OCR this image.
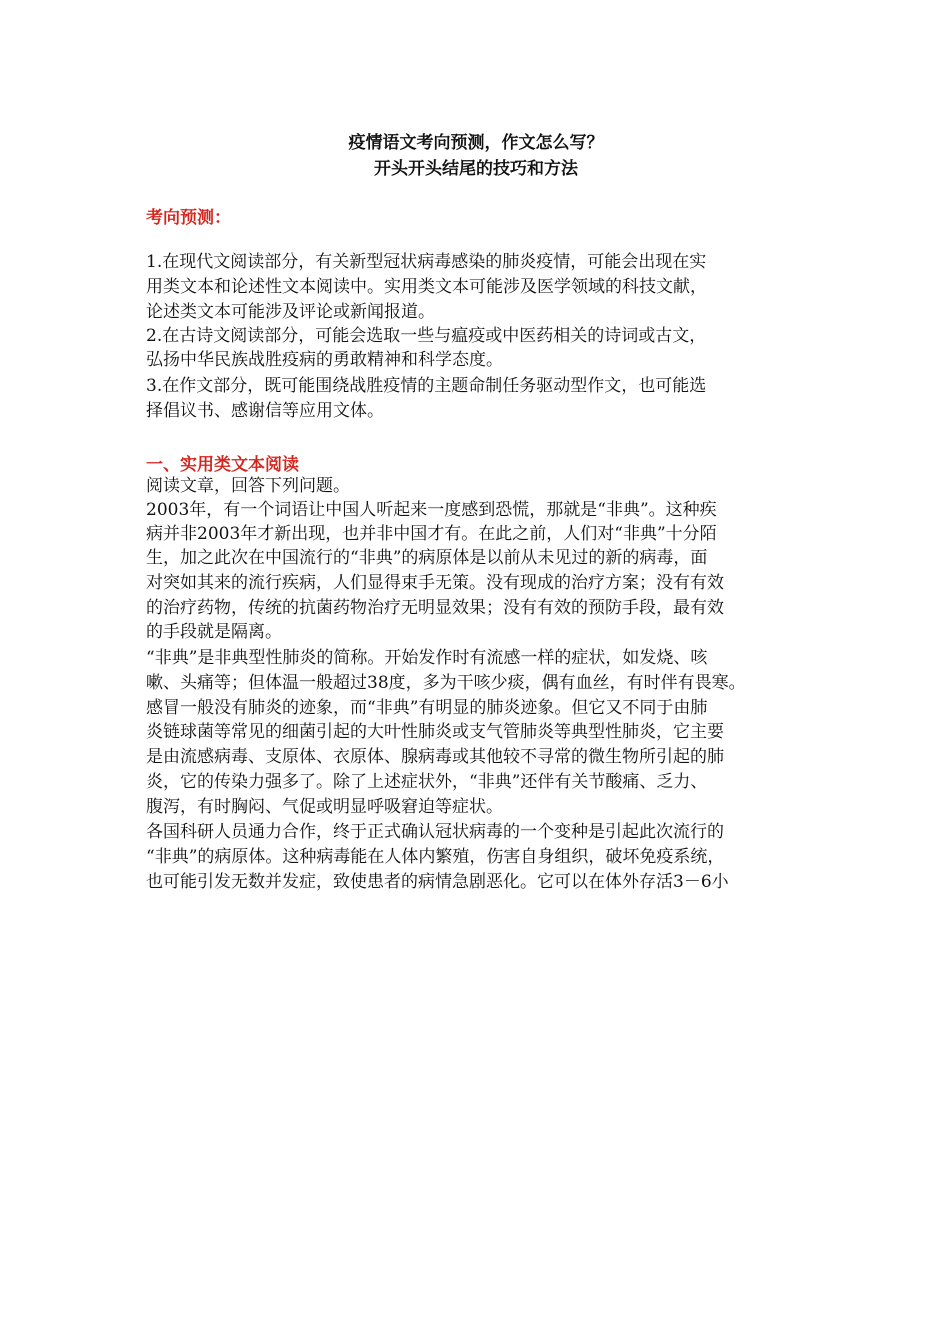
疫情语文考向预测，作文怎么写？
开头开头结尾的技巧和方法
考向预测：
1.在现代文阅读部分，有关新型冠状病毒感染的肺炎疫情，可能会出现在实
用类文本和论述性文本阅读中。实用类文本可能涉及医学领域的科技文献，
论述类文本可能涉及评论或新闻报道。
2.在古诗文阅读部分，可能会选取一些与瘟疫或中医药相关的诗词或古文，
弘扬中华民族战胜疫病的勇敢精神和科学态度。
3.在作文部分，既可能围绕战胜疫情的主题命制任务驱动型作文，也可能选
择倡议书、感谢信等应用文体。
一、实用类文本阅读
阅读文章，回答下列问题。
2003年，有一个词语让中国人听起来一度感到恐慌，那就是“非典”。这种疾
病并非2003年才新出现，也并非中国才有。在此之前，人们对“非典”十分陌
生，加之此次在中国流行的“非典”的病原体是以前从未见过的新的病毒，面
对突如其来的流行疾病，人们显得束手无策。没有现成的治疗方案；没有有效
的治疗药物，传统的抗菌药物治疗无明显效果；没有有效的预防手段，最有效
的手段就是隔离。
“非典”是非典型性肺炎的简称。开始发作时有流感一样的症状，如发烧、咳
嗽、头痛等；但体温一般超过38度，多为干咳少痰，偶有血丝，有时伴有畏寒。
感冒一般没有肺炎的迹象，而“非典”有明显的肺炎迹象。但它又不同于由肺
炎链球菌等常见的细菌引起的大叶性肺炎或支气管肺炎等典型性肺炎，它主要
是由流感病毒、支原体、衣原体、腺病毒或其他较不寻常的微生物所引起的肺
炎，它的传染力强多了。除了上述症状外，“非典”还伴有关节酸痛、乏力、
腹泻，有时胸闷、气促或明显呼吸窘迫等症状。
各国科研人员通力合作，终于正式确认冠状病毒的一个变种是引起此次流行的
“非典”的病原体。这种病毒能在人体内繁殖，伤害自身组织，破坏免疫系统，
也可能引发无数并发症，致使患者的病情急剧恶化。它可以在体外存活3－6小
